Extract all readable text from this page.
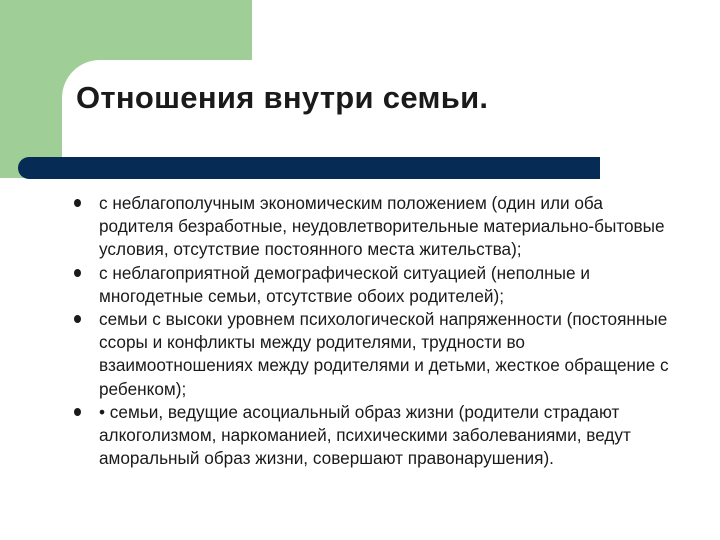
Отношения внутри семьи.
с неблагополучным экономическим положением (один или оба родителя безработные, неудовлетворительные материально-бытовые условия, отсутствие постоянного места жительства);
с неблагоприятной демографической ситуацией (неполные и многодетные семьи, отсутствие обоих родителей);
семьи с высоки уровнем психологической напряженности (постоянные ссоры и конфликты между родителями, трудности во взаимоотношениях между родителями и детьми, жесткое обращение с ребенком);
• семьи, ведущие асоциальный образ жизни (родители страдают алкоголизмом, наркоманией, психическими заболеваниями, ведут аморальный образ жизни, совершают правонарушения).
